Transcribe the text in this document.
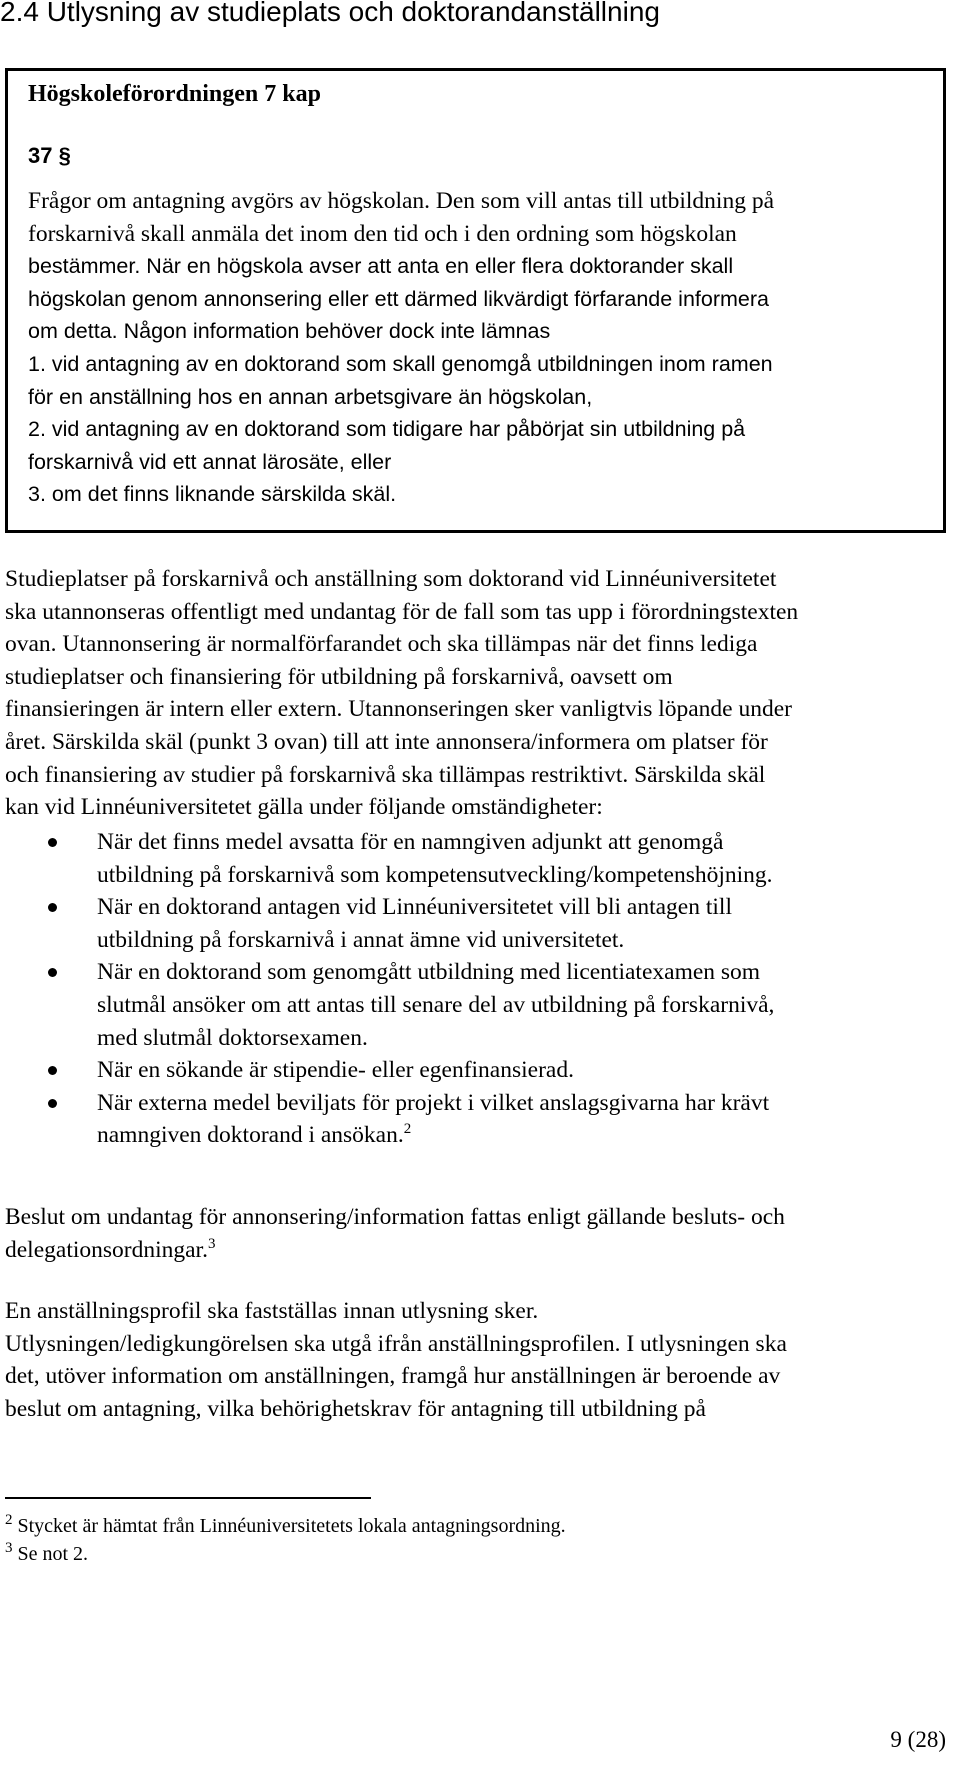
2.4 Utlysning av studieplats och doktorandanställning
Högskoleförordningen 7 kap
37 §
Frågor om antagning avgörs av högskolan. Den som vill antas till utbildning på
forskarnivå skall anmäla det inom den tid och i den ordning som högskolan
bestämmer. När en högskola avser att anta en eller flera doktorander skall
högskolan genom annonsering eller ett därmed likvärdigt förfarande informera
om detta. Någon information behöver dock inte lämnas
1. vid antagning av en doktorand som skall genomgå utbildningen inom ramen
för en anställning hos en annan arbetsgivare än högskolan,
2. vid antagning av en doktorand som tidigare har påbörjat sin utbildning på
forskarnivå vid ett annat lärosäte, eller
3. om det finns liknande särskilda skäl.
Studieplatser på forskarnivå och anställning som doktorand vid Linnéuniversitetet
ska utannonseras offentligt med undantag för de fall som tas upp i förordningstexten
ovan. Utannonsering är normalförfarandet och ska tillämpas när det finns lediga
studieplatser och finansiering för utbildning på forskarnivå, oavsett om
finansieringen är intern eller extern. Utannonseringen sker vanligtvis löpande under
året. Särskilda skäl (punkt 3 ovan) till att inte annonsera/informera om platser för
och finansiering av studier på forskarnivå ska tillämpas restriktivt. Särskilda skäl
kan vid Linnéuniversitetet gälla under följande omständigheter:
När det finns medel avsatta för en namngiven adjunkt att genomgå
utbildning på forskarnivå som kompetensutveckling/kompetenshöjning.
När en doktorand antagen vid Linnéuniversitetet vill bli antagen till
utbildning på forskarnivå i annat ämne vid universitetet.
När en doktorand som genomgått utbildning med licentiatexamen som
slutmål ansöker om att antas till senare del av utbildning på forskarnivå,
med slutmål doktorsexamen.
När en sökande är stipendie- eller egenfinansierad.
När externa medel beviljats för projekt i vilket anslagsgivarna har krävt
namngiven doktorand i ansökan.$^2$
Beslut om undantag för annonsering/information fattas enligt gällande besluts- och
delegationsordningar.$^3$
En anställningsprofil ska fastställas innan utlysning sker.
Utlysningen/ledigkungörelsen ska utgå ifrån anställningsprofilen. I utlysningen ska
det, utöver information om anställningen, framgå hur anställningen är beroende av
beslut om antagning, vilka behörighetskrav för antagning till utbildning på
$^2$ Stycket är hämtat från Linnéuniversitetets lokala antagningsordning.
$^3$ Se not 2.
9 (28)
